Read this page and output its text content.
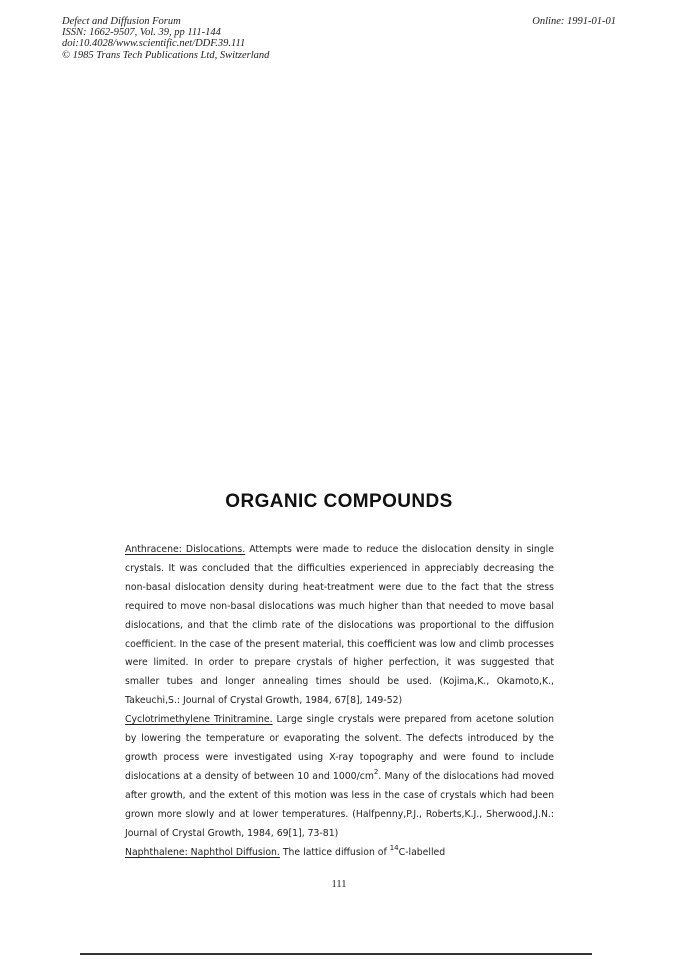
Defect and Diffusion Forum
ISSN: 1662-9507, Vol. 39, pp 111-144
doi:10.4028/www.scientific.net/DDF.39.111
© 1985 Trans Tech Publications Ltd, Switzerland
Online: 1991-01-01
ORGANIC COMPOUNDS

Anthracene: Dislocations. Attempts were made to reduce the dislocation density in single crystals. It was concluded that the difficulties experienced in appreciably decreasing the non-basal dislocation density during heat-treatment were due to the fact that the stress required to move non-basal dislocations was much higher than that needed to move basal dislocations, and that the climb rate of the dislocations was proportional to the diffusion coefficient. In the case of the present material, this coefficient was low and climb processes were limited. In order to prepare crystals of higher perfection, it was suggested that smaller tubes and longer annealing times should be used. (Kojima,K., Okamoto,K., Takeuchi,S.: Journal of Crystal Growth, 1984, 67[8], 149-52)

Cyclotrimethylene Trinitramine. Large single crystals were prepared from acetone solution by lowering the temperature or evaporating the solvent. The defects introduced by the growth process were investigated using X-ray topography and were found to include dislocations at a density of between 10 and $1000/cm^2$. Many of the dislocations had moved after growth, and the extent of this motion was less in the case of crystals which had been grown more slowly and at lower temperatures. (Halfpenny,P.J., Roberts,K.J., Sherwood,J.N.: Journal of Crystal Growth, 1984, 69[1], 73-81)

Naphthalene: Naphthol Diffusion. The lattice diffusion of $^{14}$C-labelled

111
